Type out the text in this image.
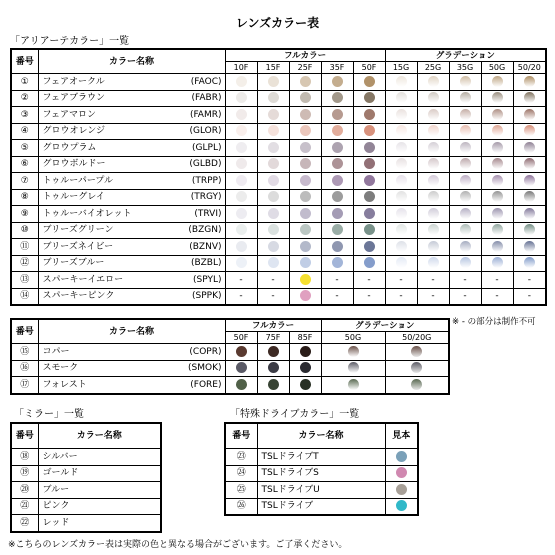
レンズカラー表
「アリアーテカラー」一覧
番号	カラー名称	フルカラー					グラデーション				
		10F	15F	25F	35F	50F	15G	25G	35G	50G	50/20
①	フェアオークル (FAOC)										

②	フェアブラウン (FABR)										

③	フェアマロン (FAMR)										

④	グロウオレンジ (GLOR)										

⑤	グロウプラム (GLPL)										

⑥	グロウボルドー (GLBD)										

⑦	トゥルーパープル (TRPP)										

⑧	トゥルーグレイ (TRGY)										

⑨	トゥルーバイオレット (TRVI)										

⑩	ブリーズグリーン (BZGN)										

⑪	ブリーズネイビー (BZNV)										

⑫	ブリーズブルー (BZBL)										

⑬	スパーキーイエロー (SPYL)	-	-		-	-	-	-	-	-	-
⑭	スパーキーピンク (SPPK)	-	-		-	-	-	-	-	-	-
※ - の部分は制作不可
番号	カラー名称	フルカラー			グラデーション	
		50F	75F	85F	50G	50/20G
⑮	コパー (COPR)					

⑯	スモーク (SMOK)					

⑰	フォレスト (FORE)					

「ミラー」一覧
番号	カラー名称
⑱	シルバー

⑲	ゴールド

⑳	ブルー

㉑	ピンク

㉒	レッド
「特殊ドライブカラー」一覧
番号	カラー名称	見本
㉓	TSLドライブT	

㉔	TSLドライブS	

㉕	TSLドライブU	

㉖	TSLドライブ	

※こちらのレンズカラー表は実際の色と異なる場合がございます。ご了承ください。
